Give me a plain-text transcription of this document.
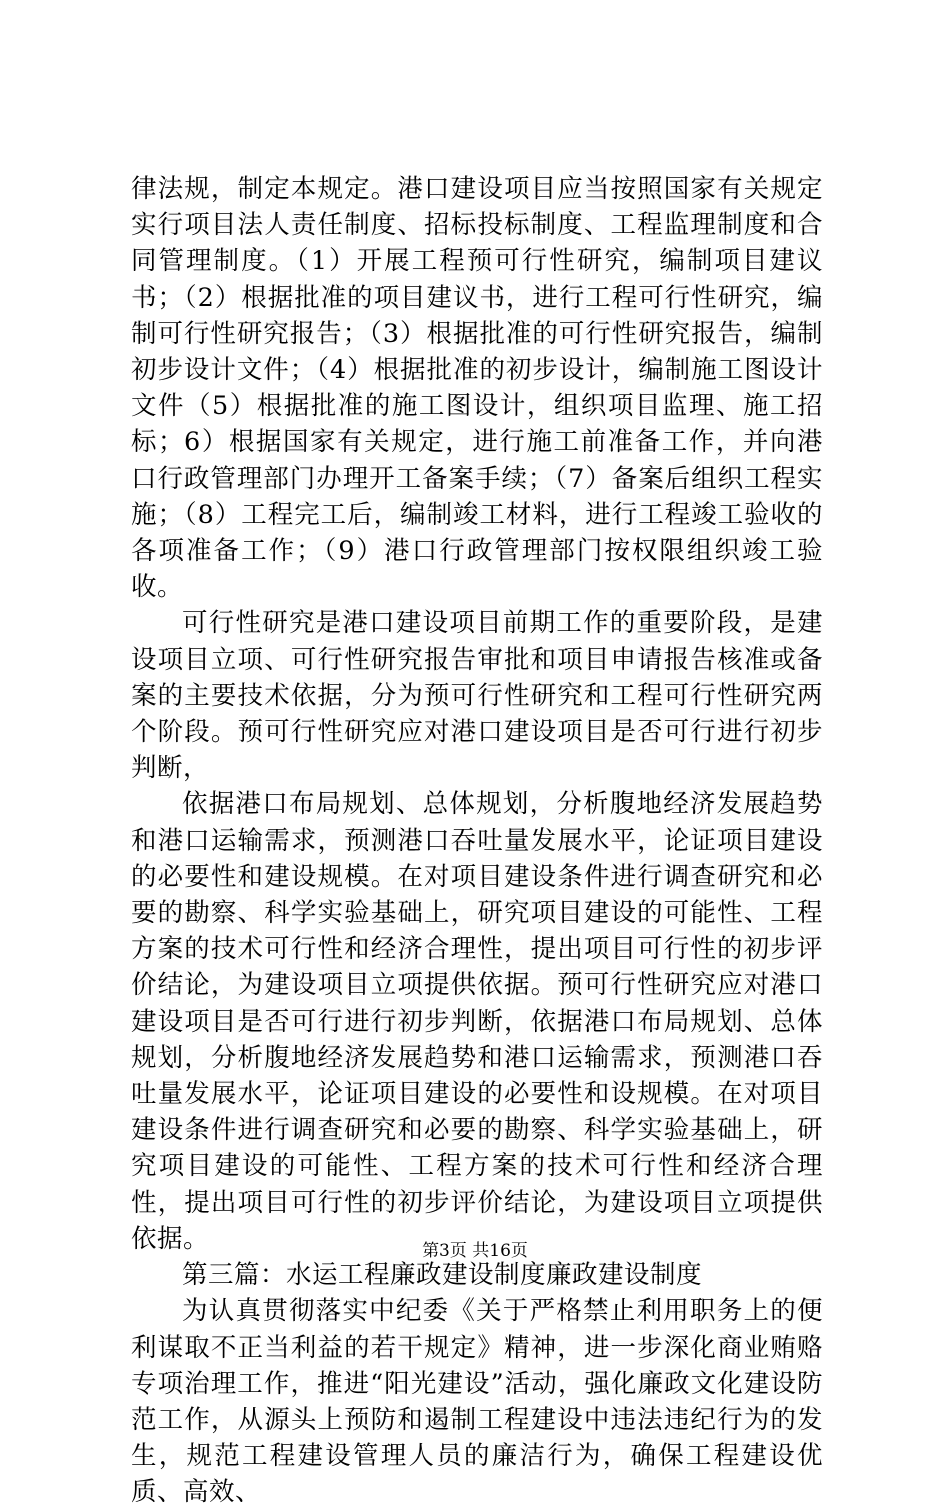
律法规，制定本规定。港口建设项目应当按照国家有关规定实行项目法人责任制度、招标投标制度、工程监理制度和合同管理制度。（1）开展工程预可行性研究，编制项目建议书；（2）根据批准的项目建议书，进行工程可行性研究，编制可行性研究报告；（3）根据批准的可行性研究报告，编制初步设计文件；（4）根据批准的初步设计，编制施工图设计文件（5）根据批准的施工图设计，组织项目监理、施工招标；6）根据国家有关规定，进行施工前准备工作，并向港口行政管理部门办理开工备案手续；（7）备案后组织工程实施；（8）工程完工后，编制竣工材料，进行工程竣工验收的各项准备工作；（9）港口行政管理部门按权限组织竣工验收。

可行性研究是港口建设项目前期工作的重要阶段，是建设项目立项、可行性研究报告审批和项目申请报告核准或备案的主要技术依据，分为预可行性研究和工程可行性研究两个阶段。预可行性研究应对港口建设项目是否可行进行初步判断，

依据港口布局规划、总体规划，分析腹地经济发展趋势和港口运输需求，预测港口吞吐量发展水平，论证项目建设的必要性和建设规模。在对项目建设条件进行调查研究和必要的勘察、科学实验基础上，研究项目建设的可能性、工程方案的技术可行性和经济合理性，提出项目可行性的初步评价结论，为建设项目立项提供依据。预可行性研究应对港口建设项目是否可行进行初步判断，依据港口布局规划、总体规划，分析腹地经济发展趋势和港口运输需求，预测港口吞吐量发展水平，论证项目建设的必要性和设规模。在对项目建设条件进行调查研究和必要的勘察、科学实验基础上，研究项目建设的可能性、工程方案的技术可行性和经济合理性，提出项目可行性的初步评价结论，为建设项目立项提供依据。

第三篇：水运工程廉政建设制度廉政建设制度

为认真贯彻落实中纪委《关于严格禁止利用职务上的便利谋取不正当利益的若干规定》精神，进一步深化商业贿赂专项治理工作，推进“阳光建设”活动，强化廉政文化建设防范工作，从源头上预防和遏制工程建设中违法违纪行为的发生，规范工程建设管理人员的廉洁行为，确保工程建设优质、高效、

第3页 共16页
